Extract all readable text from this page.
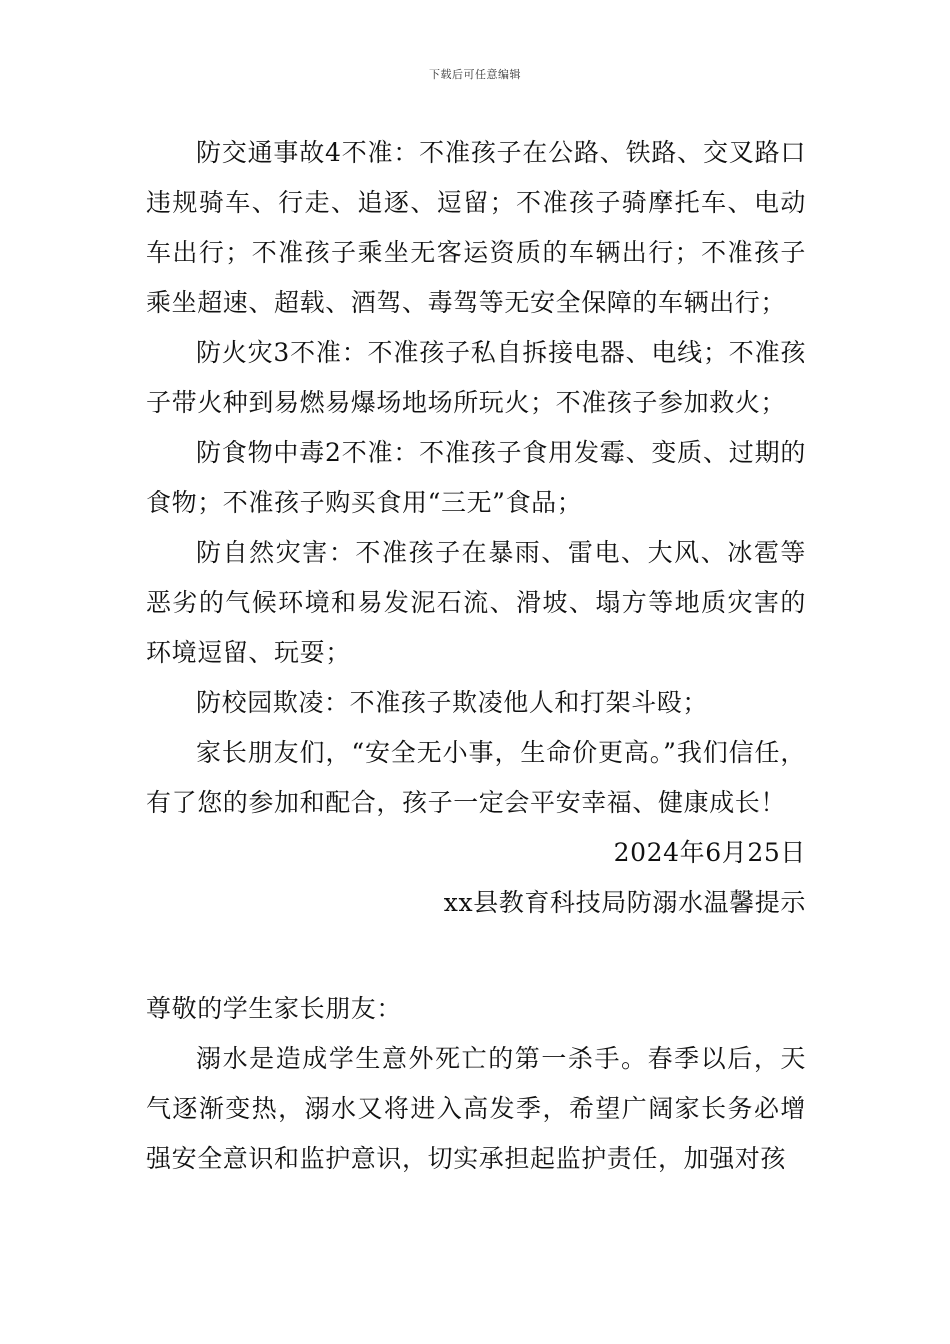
下载后可任意编辑

防交通事故4不准：不准孩子在公路、铁路、交叉路口违规骑车、行走、追逐、逗留；不准孩子骑摩托车、电动车出行；不准孩子乘坐无客运资质的车辆出行；不准孩子乘坐超速、超载、酒驾、毒驾等无安全保障的车辆出行；

防火灾3不准：不准孩子私自拆接电器、电线；不准孩子带火种到易燃易爆场地场所玩火；不准孩子参加救火；

防食物中毒2不准：不准孩子食用发霉、变质、过期的食物；不准孩子购买食用“三无”食品；

防自然灾害：不准孩子在暴雨、雷电、大风、冰雹等恶劣的气候环境和易发泥石流、滑坡、塌方等地质灾害的环境逗留、玩耍；

防校园欺凌：不准孩子欺凌他人和打架斗殴；

家长朋友们，“安全无小事，生命价更高。”我们信任，有了您的参加和配合，孩子一定会平安幸福、健康成长！

2024年6月25日

xx县教育科技局防溺水温馨提示

尊敬的学生家长朋友：

溺水是造成学生意外死亡的第一杀手。春季以后，天气逐渐变热，溺水又将进入高发季，希望广阔家长务必增强安全意识和监护意识，切实承担起监护责任，加强对孩
